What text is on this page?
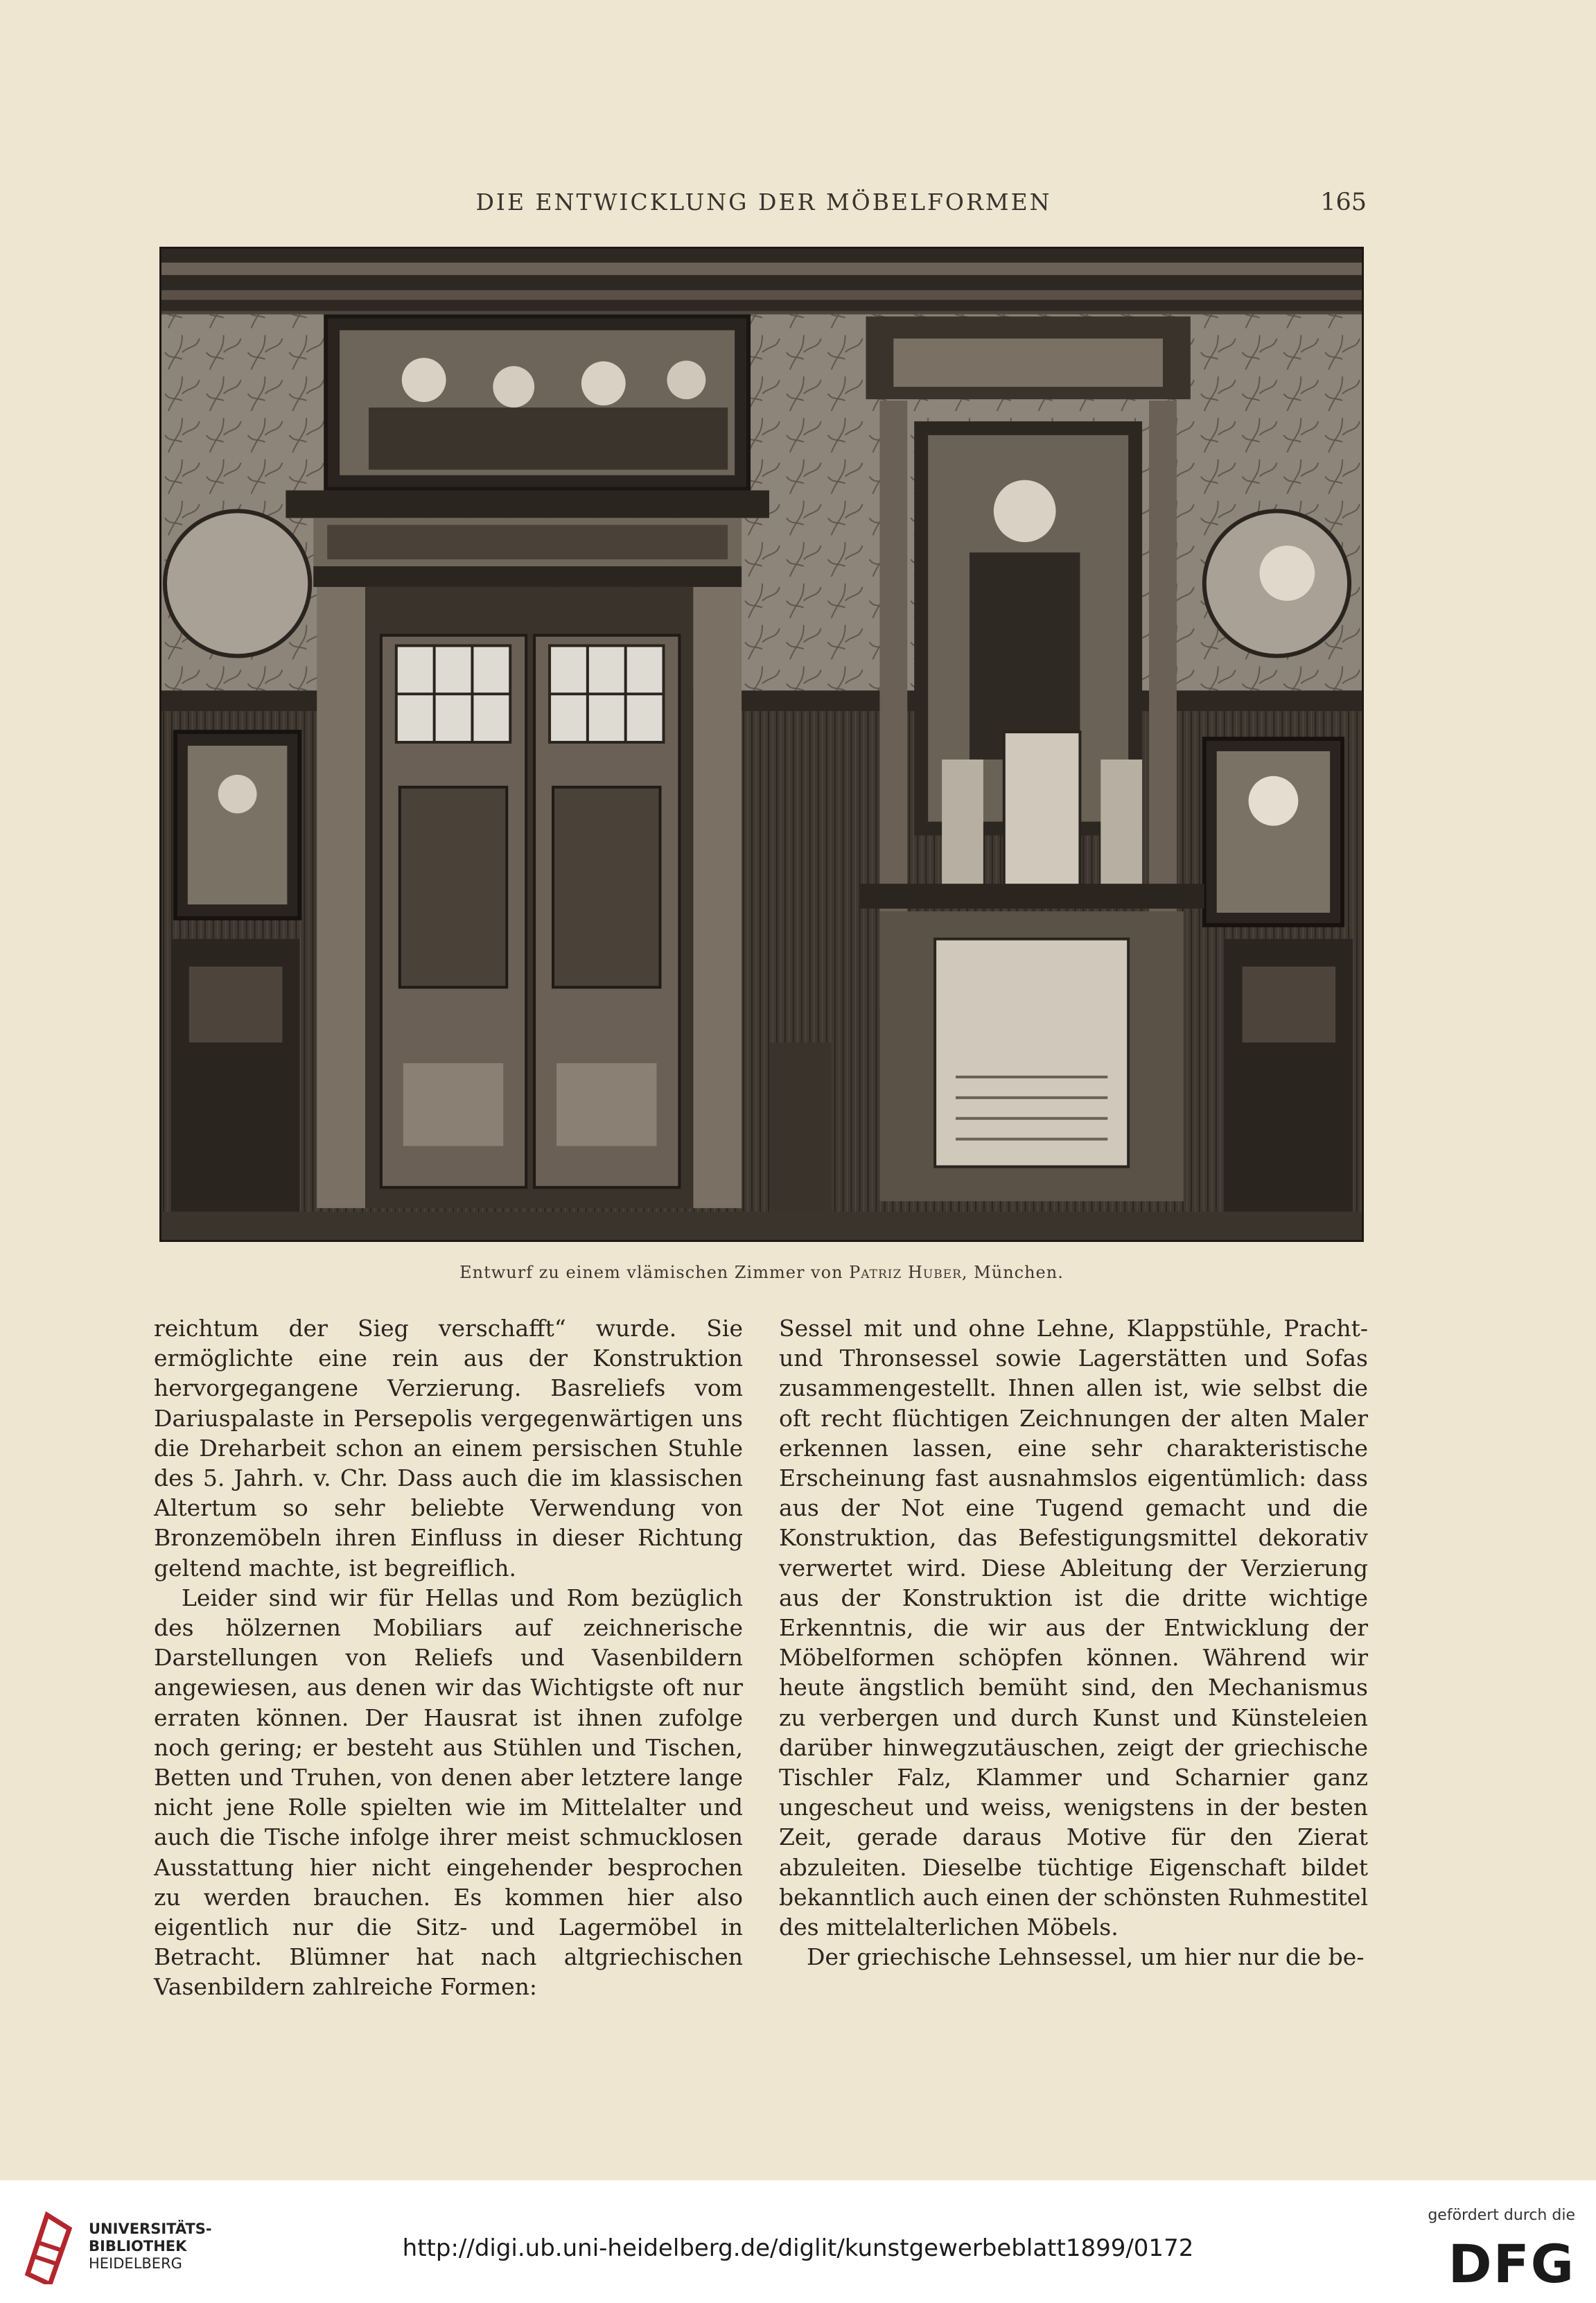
DIE ENTWICKLUNG DER MÖBELFORMEN	165
Entwurf zu einem vlämischen Zimmer von Patriz Huber, München.

reichtum der Sieg verschafft“ wurde. Sie ermöglichte eine rein aus der Konstruktion hervorgegangene Verzierung. Basreliefs vom Dariuspalaste in Persepolis vergegenwärtigen uns die Dreharbeit schon an einem persischen Stuhle des 5. Jahrh. v. Chr. Dass auch die im klassischen Altertum so sehr beliebte Verwendung von Bronzemöbeln ihren Einfluss in dieser Richtung geltend machte, ist begreiflich.

Leider sind wir für Hellas und Rom bezüglich des hölzernen Mobiliars auf zeichnerische Darstellungen von Reliefs und Vasenbildern angewiesen, aus denen wir das Wichtigste oft nur erraten können. Der Hausrat ist ihnen zufolge noch gering; er besteht aus Stühlen und Tischen, Betten und Truhen, von denen aber letztere lange nicht jene Rolle spielten wie im Mittelalter und auch die Tische infolge ihrer meist schmucklosen Ausstattung hier nicht eingehender besprochen zu werden brauchen. Es kommen hier also eigentlich nur die Sitz- und Lagermöbel in Betracht. Blümner hat nach altgriechischen Vasenbildern zahlreiche Formen:

Sessel mit und ohne Lehne, Klappstühle, Pracht- und Thronsessel sowie Lagerstätten und Sofas zusammengestellt. Ihnen allen ist, wie selbst die oft recht flüchtigen Zeichnungen der alten Maler erkennen lassen, eine sehr charakteristische Erscheinung fast ausnahmslos eigentümlich: dass aus der Not eine Tugend gemacht und die Konstruktion, das Befestigungsmittel dekorativ verwertet wird. Diese Ableitung der Verzierung aus der Konstruktion ist die dritte wichtige Erkenntnis, die wir aus der Entwicklung der Möbelformen schöpfen können. Während wir heute ängstlich bemüht sind, den Mechanismus zu verbergen und durch Kunst und Künsteleien darüber hinwegzutäuschen, zeigt der griechische Tischler Falz, Klammer und Scharnier ganz ungescheut und weiss, wenigstens in der besten Zeit, gerade daraus Motive für den Zierat abzuleiten. Dieselbe tüchtige Eigenschaft bildet bekanntlich auch einen der schönsten Ruhmestitel des mittelalterlichen Möbels.

Der griechische Lehnsessel, um hier nur die be-

UNIVERSITÄTS-
BIBLIOTHEK
HEIDELBERG
http://digi.ub.uni-heidelberg.de/diglit/kunstgewerbeblatt1899/0172
gefördert durch die
DFG
